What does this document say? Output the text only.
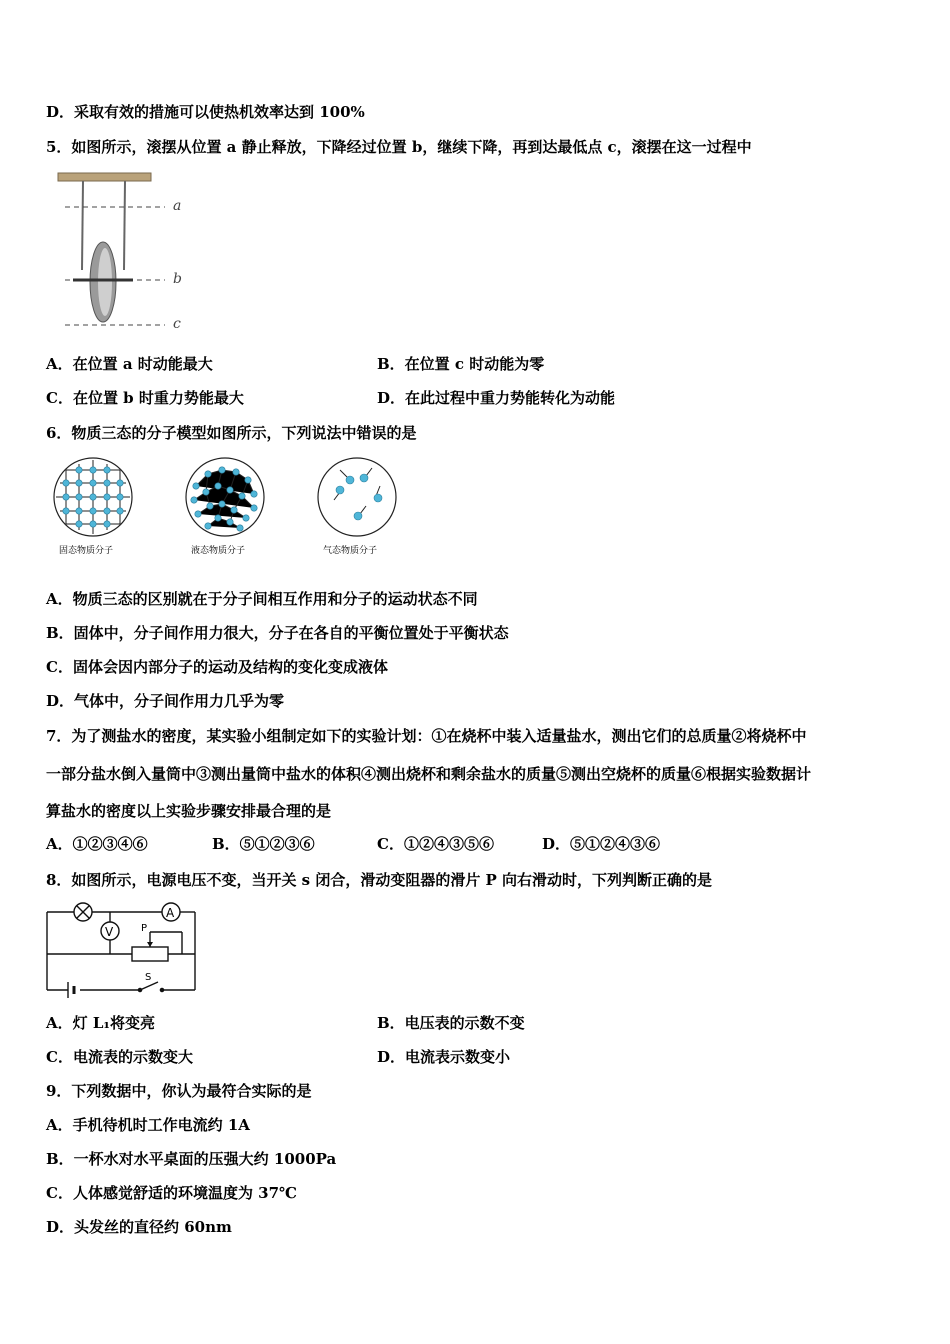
D．采取有效的措施可以使热机效率达到 100%
5．如图所示，滚摆从位置 a 静止释放，下降经过位置 b，继续下降，再到达最低点 c，滚摆在这一过程中
a
b
c
A．在位置 a 时动能最大	B．在位置 c 时动能为零
C．在位置 b 时重力势能最大	D．在此过程中重力势能转化为动能
6．物质三态的分子模型如图所示，下列说法中错误的是
固态物质分子	液态物质分子	气态物质分子
A．物质三态的区别就在于分子间相互作用和分子的运动状态不同
B．固体中，分子间作用力很大，分子在各自的平衡位置处于平衡状态
C．固体会因内部分子的运动及结构的变化变成液体
D．气体中，分子间作用力几乎为零
7．为了测盐水的密度，某实验小组制定如下的实验计划：①在烧杯中装入适量盐水，测出它们的总质量②将烧杯中
一部分盐水倒入量筒中③测出量筒中盐水的体积④测出烧杯和剩余盐水的质量⑤测出空烧杯的质量⑥根据实验数据计
算盐水的密度以上实验步骤安排最合理的是
A．①②③④⑥	B．⑤①②③⑥	C．①②④③⑤⑥	D．⑤①②④③⑥
8．如图所示，电源电压不变，当开关 s 闭合，滑动变阻器的滑片 P 向右滑动时，下列判断正确的是
A
V	P
S
A．灯 L₁将变亮	B．电压表的示数不变
C．电流表的示数变大	D．电流表示数变小
9．下列数据中，你认为最符合实际的是
A．手机待机时工作电流约 1A
B．一杯水对水平桌面的压强大约 1000Pa
C．人体感觉舒适的环境温度为 37℃
D．头发丝的直径约 60nm
